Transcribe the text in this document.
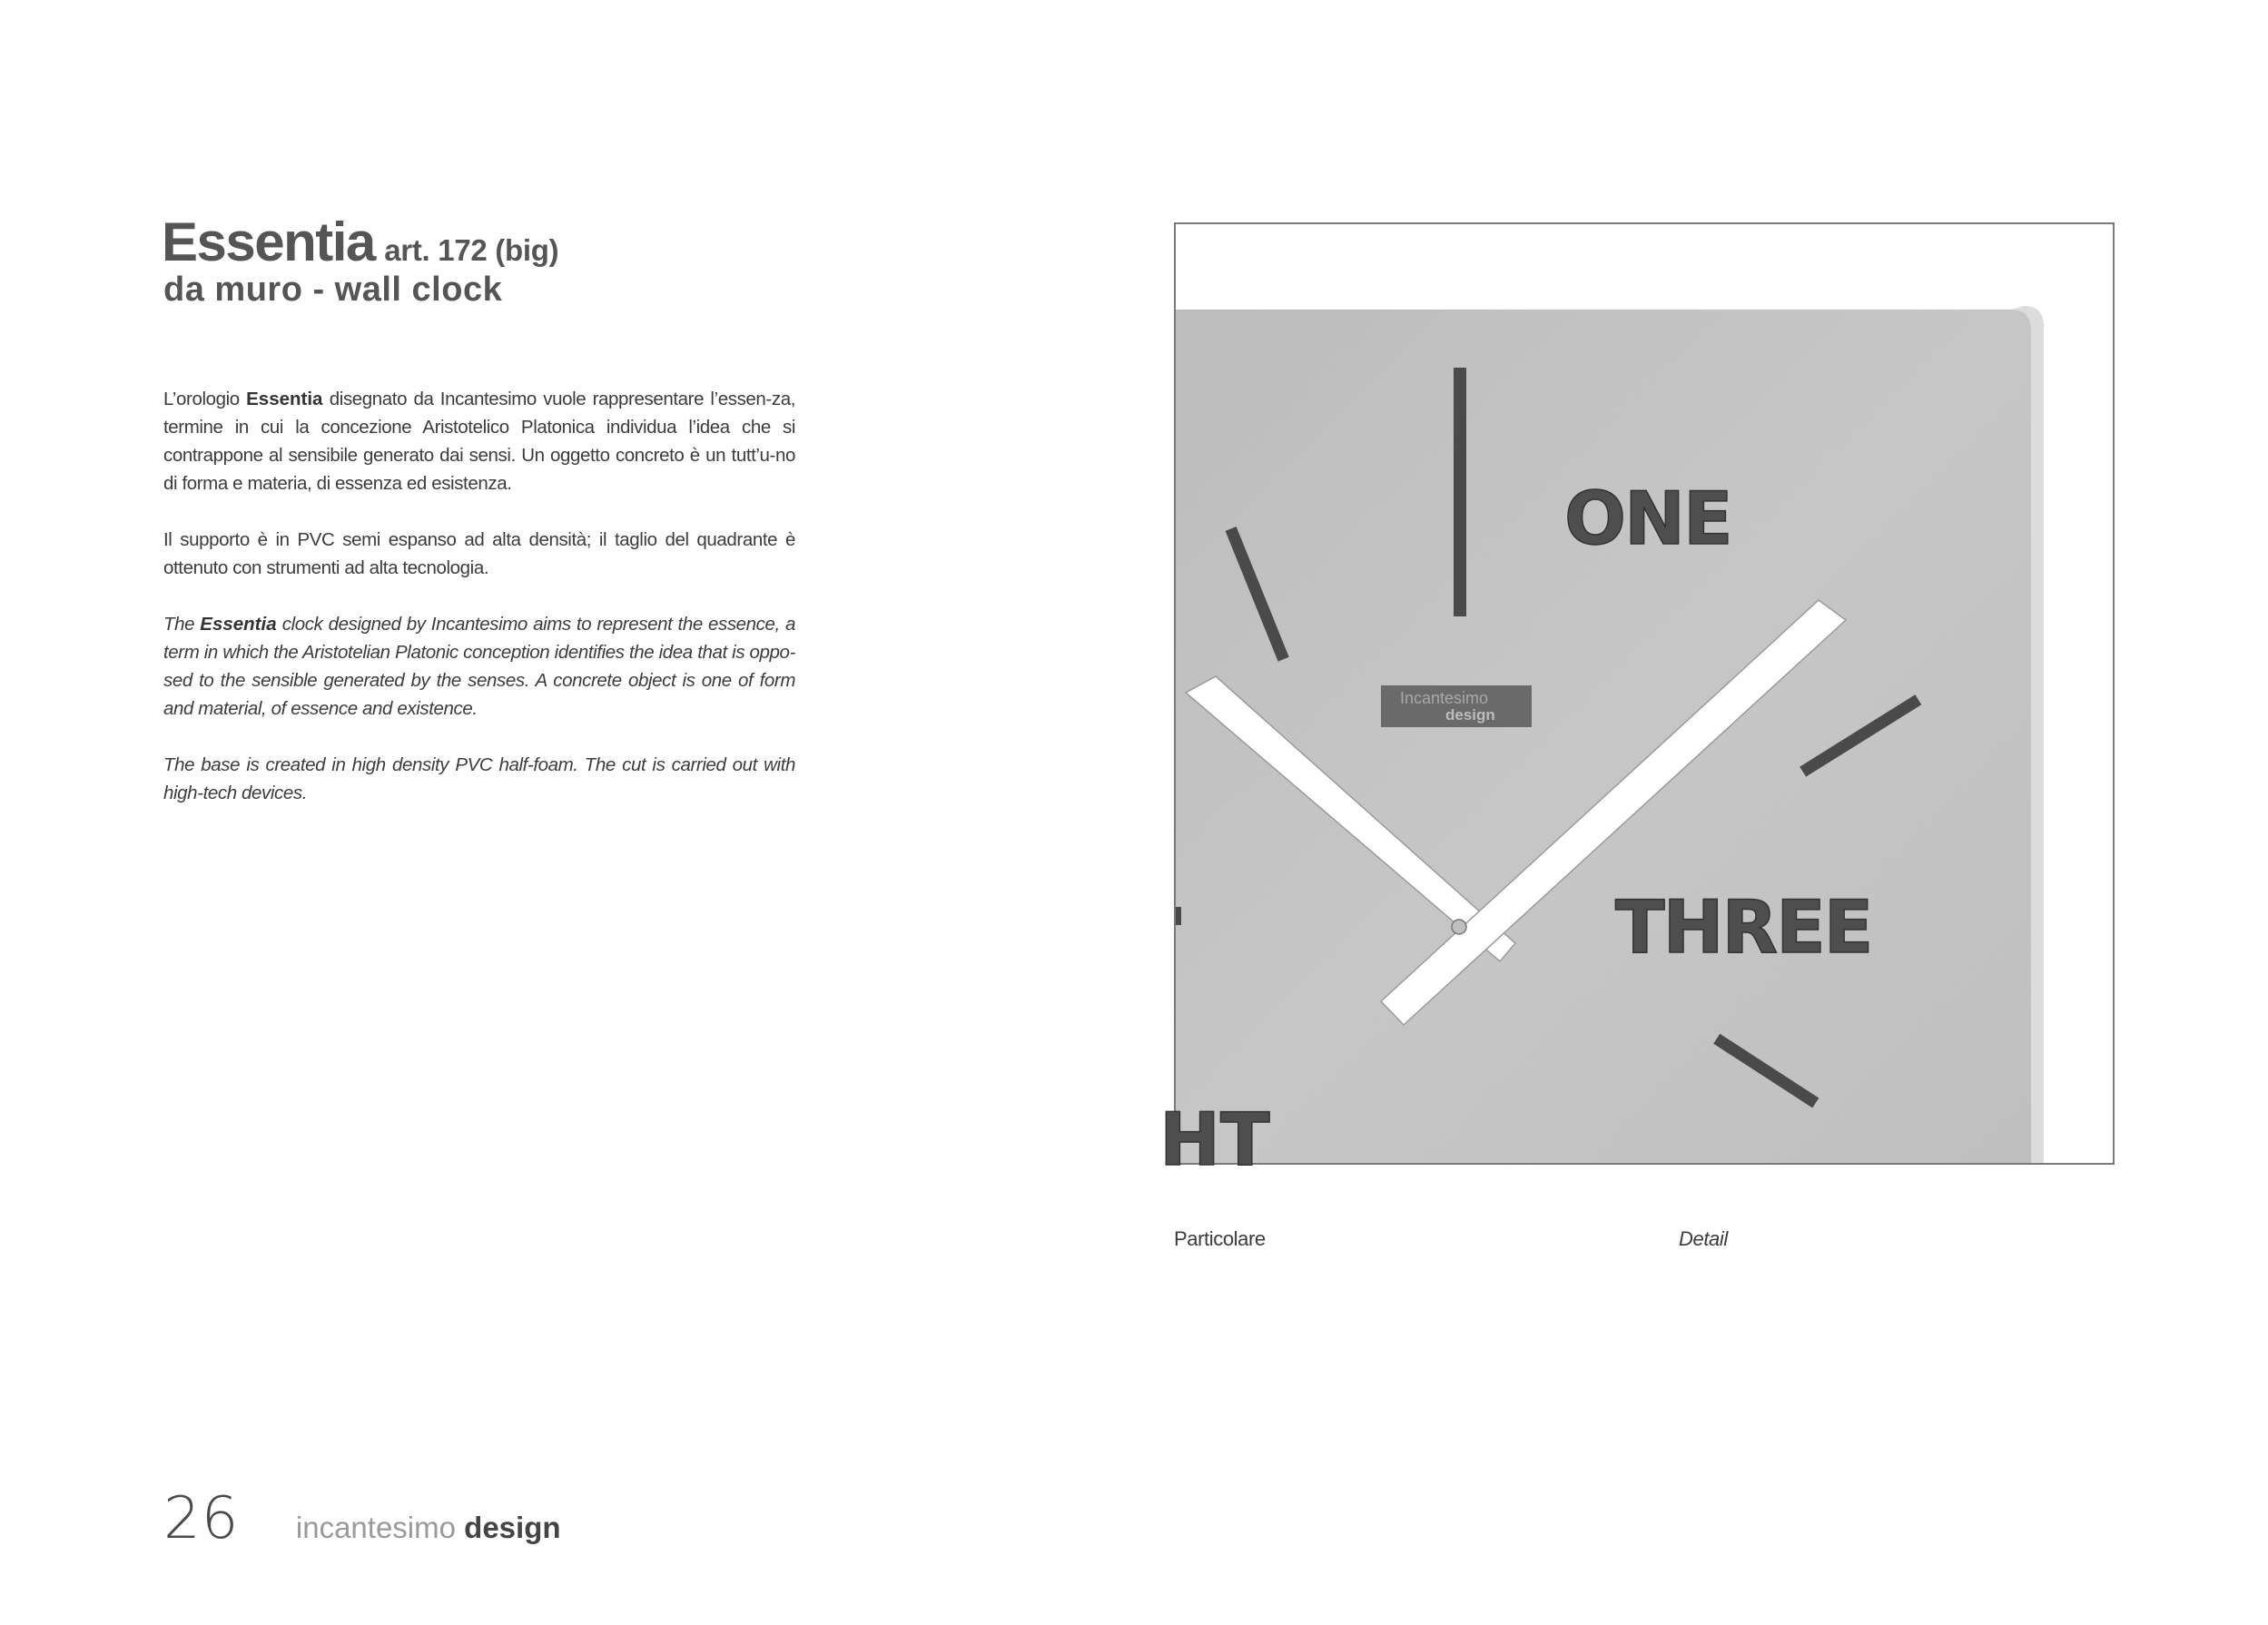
Essentia art. 172 (big)
da muro - wall clock

L’orologio Essentia disegnato da Incantesimo vuole rappresentare l’essen-za, termine in cui la concezione Aristotelico Platonica individua l’idea che si contrappone al sensibile generato dai sensi. Un oggetto concreto è un tutt’u-no di forma e materia, di essenza ed esistenza.

Il supporto è in PVC semi espanso ad alta densità; il taglio del quadrante è ottenuto con strumenti ad alta tecnologia.

The Essentia clock designed by Incantesimo aims to represent the essence, a term in which the Aristotelian Platonic conception identifies the idea that is oppo-sed to the sensible generated by the senses. A concrete object is one of form and material, of essence and existence.

The base is created in high density PVC half-foam. The cut is carried out with high-tech devices.

ONE
THREE
HT
Incantesimo
design
Particolare	Detail
26 incantesimo design
